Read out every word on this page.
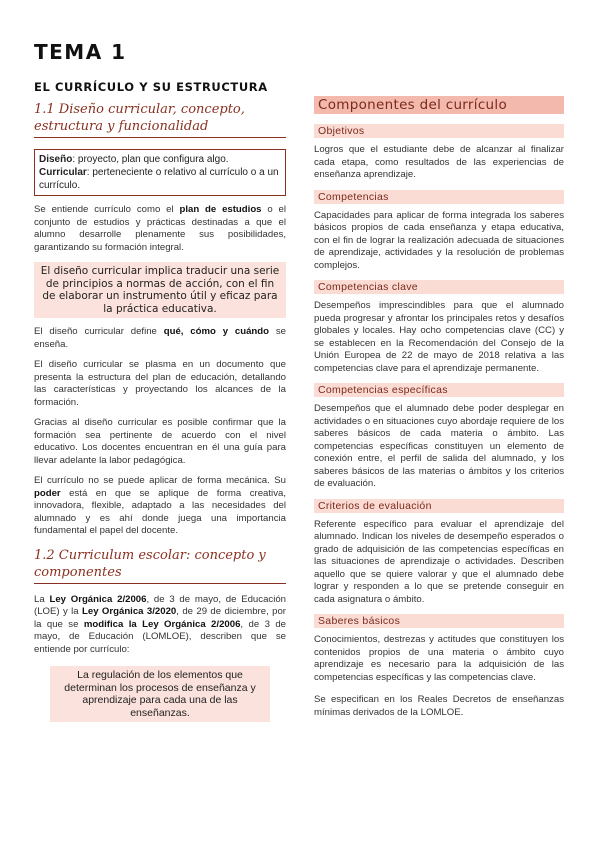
TEMA 1
EL CURRÍCULO Y SU ESTRUCTURA
1.1 Diseño curricular, concepto, estructura y funcionalidad
Diseño: proyecto, plan que configura algo.
Curricular: perteneciente o relativo al currículo o a un currículo.

Se entiende currículo como el plan de estudios o el conjunto de estudios y prácticas destinadas a que el alumno desarrolle plenamente sus posibilidades, garantizando su formación integral.

El diseño curricular implica traducir una serie de principios a normas de acción, con el fin de elaborar un instrumento útil y eficaz para la práctica educativa.

El diseño curricular define qué, cómo y cuándo se enseña.

El diseño curricular se plasma en un documento que presenta la estructura del plan de educación, detallando las características y proyectando los alcances de la formación.

Gracias al diseño curricular es posible confirmar que la formación sea pertinente de acuerdo con el nivel educativo. Los docentes encuentran en él una guía para llevar adelante la labor pedagógica.

El currículo no se puede aplicar de forma mecánica. Su poder está en que se aplique de forma creativa, innovadora, flexible, adaptado a las necesidades del alumnado y es ahí donde juega una importancia fundamental el papel del docente.

1.2 Curriculum escolar: concepto y componentes

La Ley Orgánica 2/2006, de 3 de mayo, de Educación (LOE) y la Ley Orgánica 3/2020, de 29 de diciembre, por la que se modifica la Ley Orgánica 2/2006, de 3 de mayo, de Educación (LOMLOE), describen que se entiende por currículo:

La regulación de los elementos que determinan los procesos de enseñanza y aprendizaje para cada una de las enseñanzas.
Componentes del currículo
Objetivos

Logros que el estudiante debe de alcanzar al finalizar cada etapa, como resultados de las experiencias de enseñanza aprendizaje.

Competencias

Capacidades para aplicar de forma integrada los saberes básicos propios de cada enseñanza y etapa educativa, con el fin de lograr la realización adecuada de situaciones de aprendizaje, actividades y la resolución de problemas complejos.

Competencias clave

Desempeños imprescindibles para que el alumnado pueda progresar y afrontar los principales retos y desafíos globales y locales. Hay ocho competencias clave (CC) y se establecen en la Recomendación del Consejo de la Unión Europea de 22 de mayo de 2018 relativa a las competencias clave para el aprendizaje permanente.

Competencias específicas

Desempeños que el alumnado debe poder desplegar en actividades o en situaciones cuyo abordaje requiere de los saberes básicos de cada materia o ámbito. Las competencias específicas constituyen un elemento de conexión entre, el perfil de salida del alumnado, y los saberes básicos de las materias o ámbitos y los criterios de evaluación.

Criterios de evaluación

Referente específico para evaluar el aprendizaje del alumnado. Indican los niveles de desempeño esperados o grado de adquisición de las competencias específicas en las situaciones de aprendizaje o actividades. Describen aquello que se quiere valorar y que el alumnado debe lograr y responden a lo que se pretende conseguir en cada asignatura o ámbito.

Saberes básicos

Conocimientos, destrezas y actitudes que constituyen los contenidos propios de una materia o ámbito cuyo aprendizaje es necesario para la adquisición de las competencias específicas y las competencias clave.

Se especifican en los Reales Decretos de enseñanzas mínimas derivados de la LOMLOE.
